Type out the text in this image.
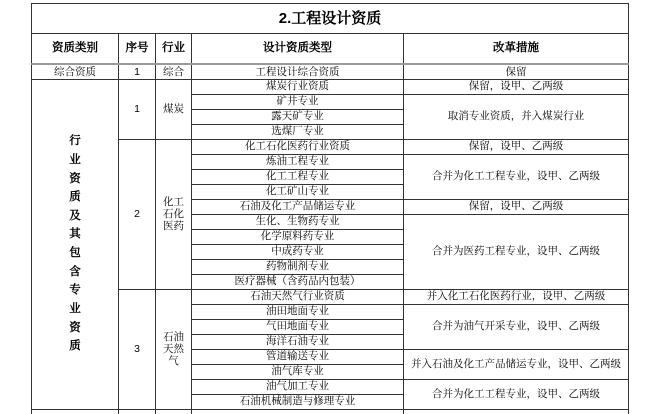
2.工程设计资质				
资质类别	序号	行业	设计资质类型	改革措施
综合资质	1	综合	工程设计综合资质	保留

行业资质及其包含专业资质	1	煤炭	煤炭行业资质	保留，设甲、乙两级
			矿井专业	取消专业资质，并入煤炭行业
			露天矿专业	
			选煤厂专业	
	2	化工石化医药	化工石化医药行业资质	保留，设甲、乙两级
			炼油工程专业	合并为化工工程专业，设甲、乙两级
			化工工程专业	
			化工矿山专业	
			石油及化工产品储运专业	保留，设甲、乙两级
			生化、生物药专业	合并为医药工程专业，设甲、乙两级
			化学原料药专业	
			中成药专业	
			药物制剂专业	
			医疗器械（含药品内包装）	
	3	石油天然气	石油天然气行业资质	并入化工石化医药行业，设甲、乙两级
			油田地面专业	合并为油气开采专业，设甲、乙两级
			气田地面专业	
			海洋石油专业	
			管道输送专业	并入石油及化工产品储运专业，设甲、乙两级
			油气库专业	
			油气加工专业	合并为化工工程专业，设甲、乙两级
			石油机械制造与修理专业	
